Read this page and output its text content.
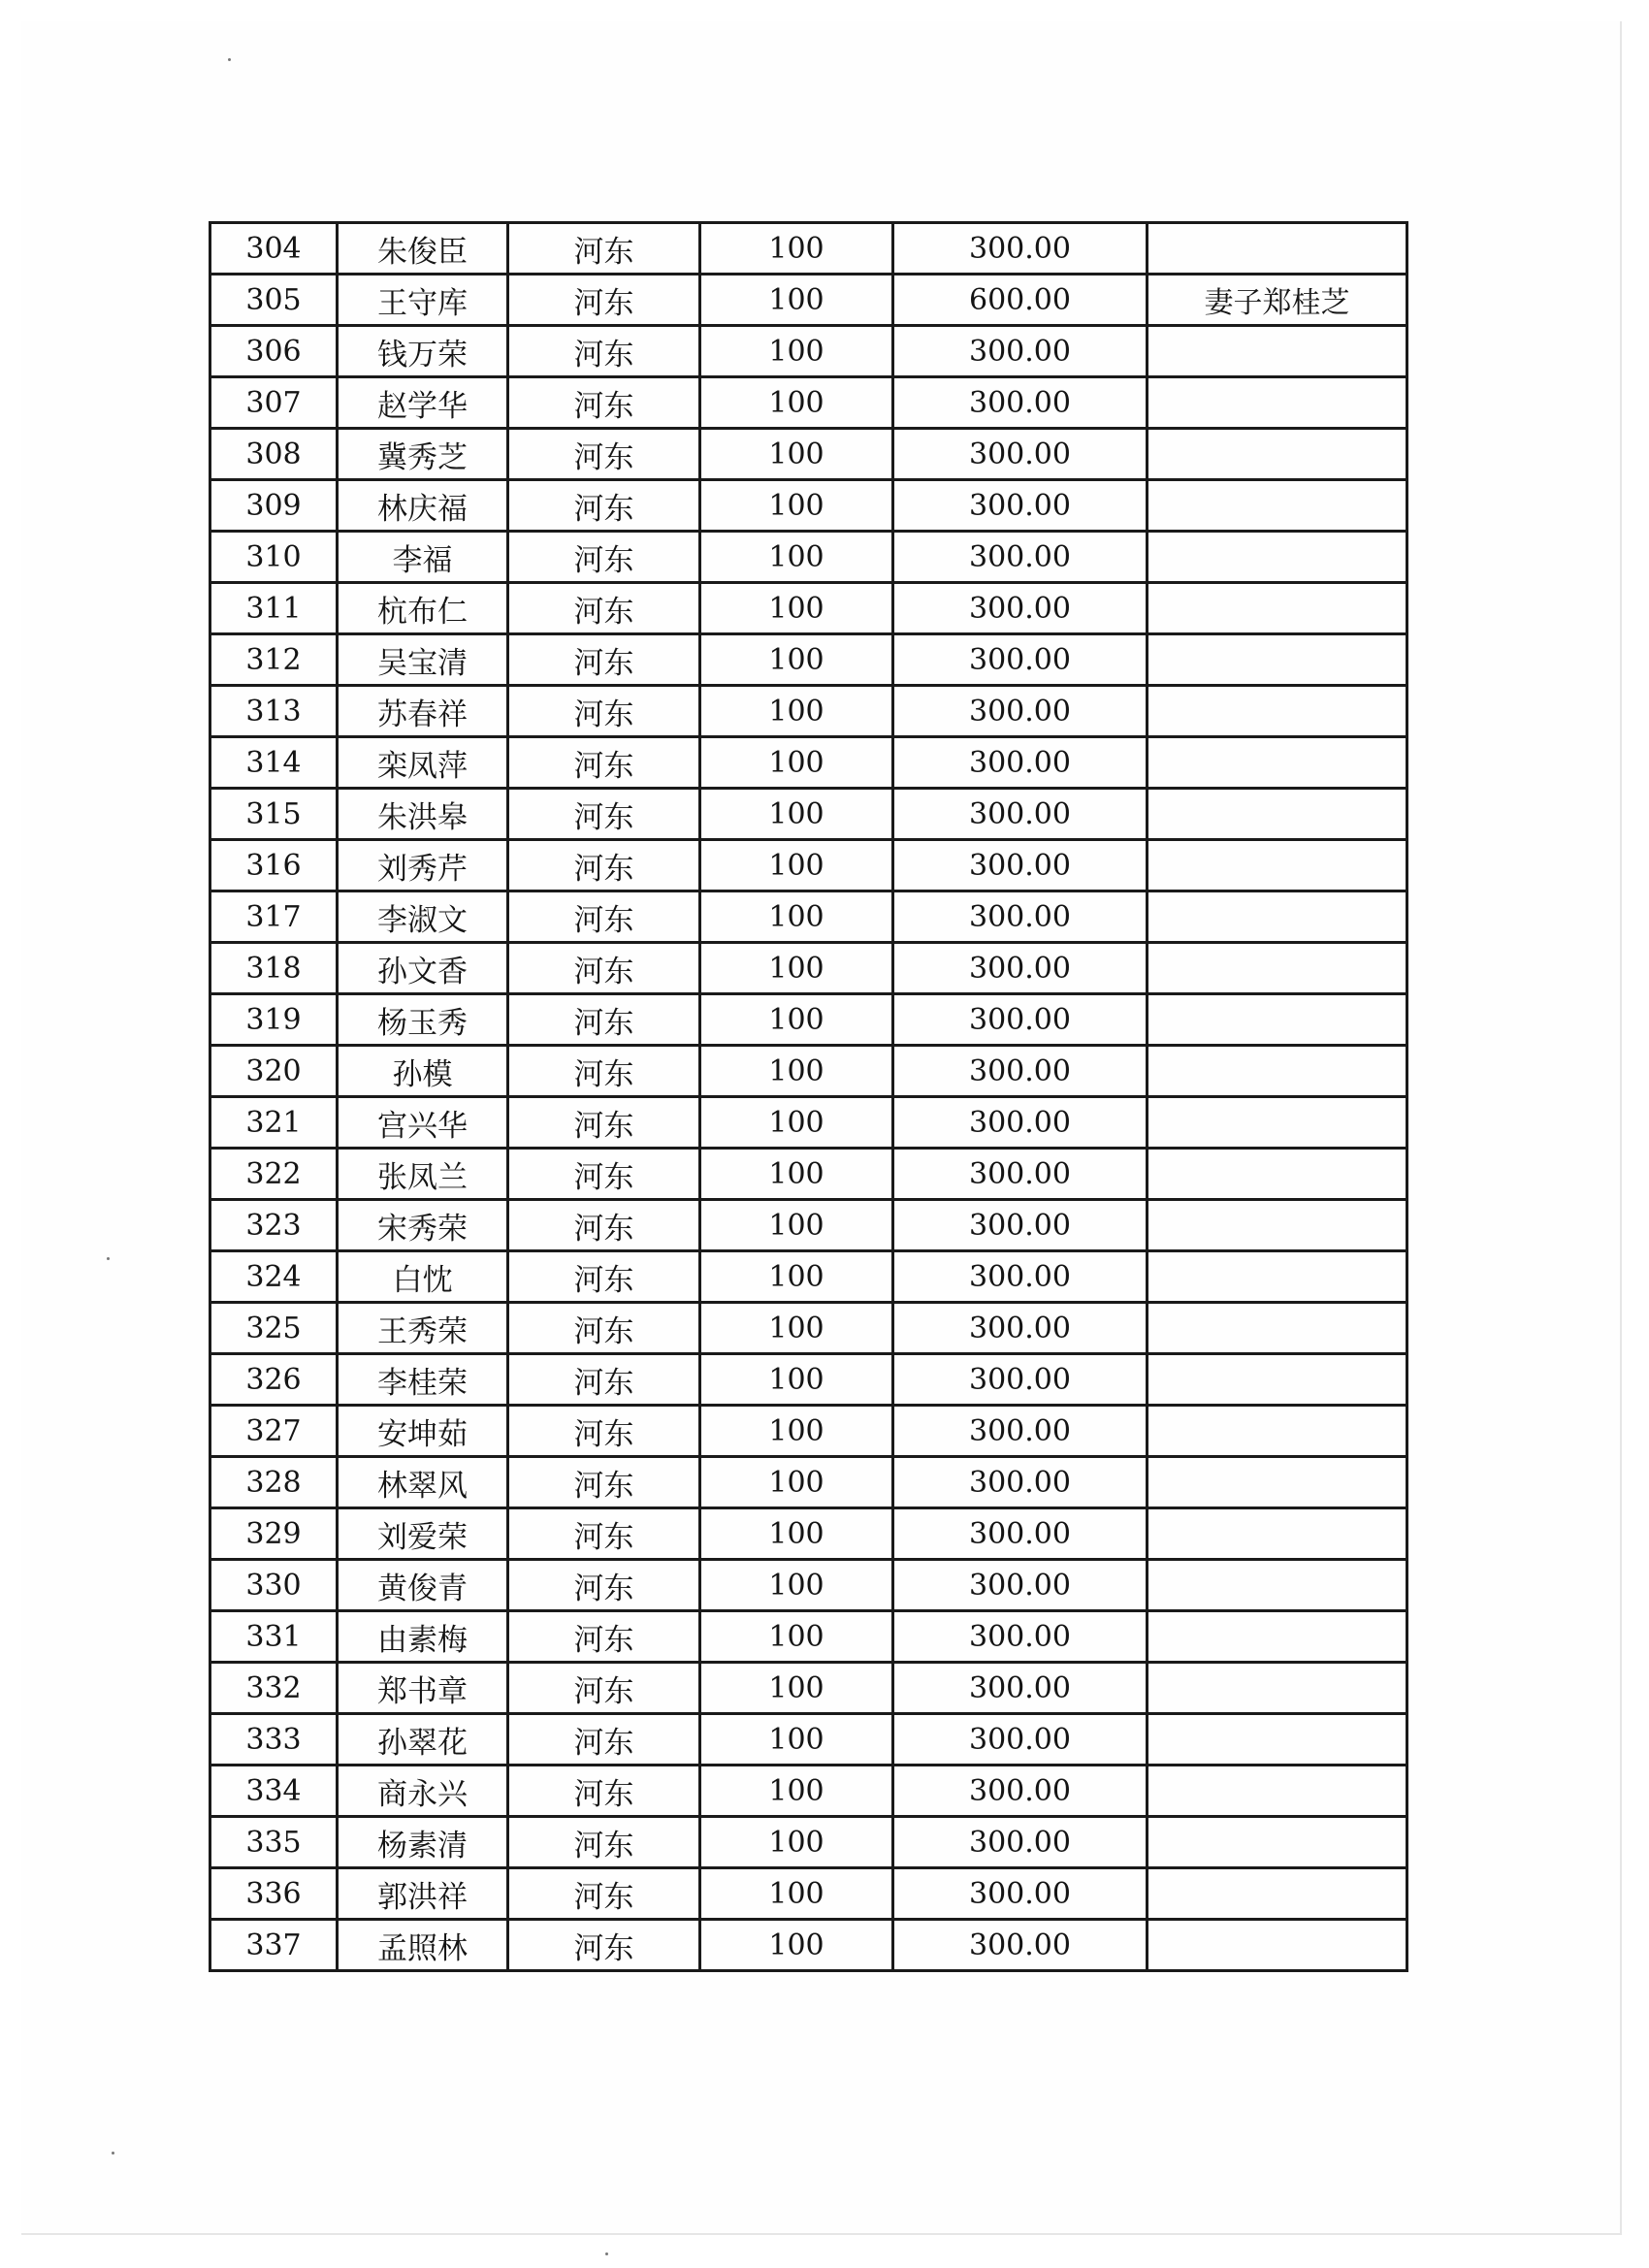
304	朱俊臣	河东	100	300.00	
305	王守库	河东	100	600.00	妻子郑桂芝
306	钱万荣	河东	100	300.00	
307	赵学华	河东	100	300.00	
308	冀秀芝	河东	100	300.00	
309	林庆福	河东	100	300.00	
310	李福	河东	100	300.00	
311	杭布仁	河东	100	300.00	
312	吴宝清	河东	100	300.00	
313	苏春祥	河东	100	300.00	
314	栾凤萍	河东	100	300.00	
315	朱洪皋	河东	100	300.00	
316	刘秀芹	河东	100	300.00	
317	李淑文	河东	100	300.00	
318	孙文香	河东	100	300.00	
319	杨玉秀	河东	100	300.00	
320	孙模	河东	100	300.00	
321	宫兴华	河东	100	300.00	
322	张凤兰	河东	100	300.00	
323	宋秀荣	河东	100	300.00	
324	白忱	河东	100	300.00	
325	王秀荣	河东	100	300.00	
326	李桂荣	河东	100	300.00	
327	安坤茹	河东	100	300.00	
328	林翠风	河东	100	300.00	
329	刘爱荣	河东	100	300.00	
330	黄俊青	河东	100	300.00	
331	由素梅	河东	100	300.00	
332	郑书章	河东	100	300.00	
333	孙翠花	河东	100	300.00	
334	商永兴	河东	100	300.00	
335	杨素清	河东	100	300.00	
336	郭洪祥	河东	100	300.00	
337	孟照林	河东	100	300.00	
